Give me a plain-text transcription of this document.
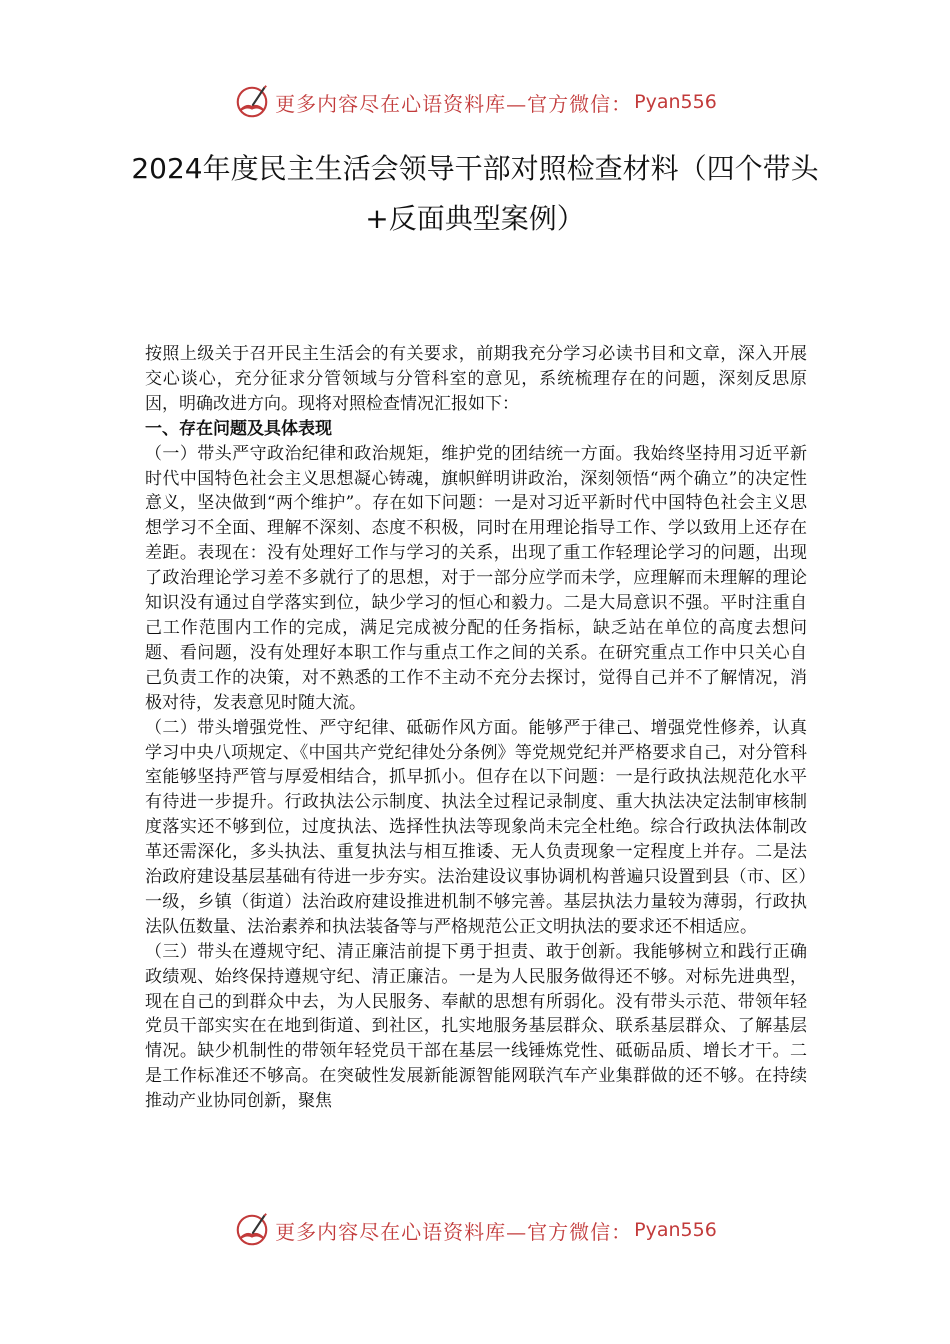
更多内容尽在心语资料库—官方微信： Pyan556
2024年度民主生活会领导干部对照检查材料（四个带头+反面典型案例）

按照上级关于召开民主生活会的有关要求，前期我充分学习必读书目和文章，深入开展交心谈心，充分征求分管领域与分管科室的意见，系统梳理存在的问题，深刻反思原因，明确改进方向。现将对照检查情况汇报如下：

一、存在问题及具体表现

（一）带头严守政治纪律和政治规矩，维护党的团结统一方面。我始终坚持用习近平新时代中国特色社会主义思想凝心铸魂，旗帜鲜明讲政治，深刻领悟“两个确立”的决定性意义，坚决做到“两个维护”。存在如下问题：一是对习近平新时代中国特色社会主义思想学习不全面、理解不深刻、态度不积极，同时在用理论指导工作、学以致用上还存在差距。表现在：没有处理好工作与学习的关系，出现了重工作轻理论学习的问题，出现了政治理论学习差不多就行了的思想，对于一部分应学而未学，应理解而未理解的理论知识没有通过自学落实到位，缺少学习的恒心和毅力。二是大局意识不强。平时注重自己工作范围内工作的完成，满足完成被分配的任务指标，缺乏站在单位的高度去想问题、看问题，没有处理好本职工作与重点工作之间的关系。在研究重点工作中只关心自己负责工作的决策，对不熟悉的工作不主动不充分去探讨，觉得自己并不了解情况，消极对待，发表意见时随大流。

（二）带头增强党性、严守纪律、砥砺作风方面。能够严于律己、增强党性修养，认真学习中央八项规定、《中国共产党纪律处分条例》等党规党纪并严格要求自己，对分管科室能够坚持严管与厚爱相结合，抓早抓小。但存在以下问题：一是行政执法规范化水平有待进一步提升。行政执法公示制度、执法全过程记录制度、重大执法决定法制审核制度落实还不够到位，过度执法、选择性执法等现象尚未完全杜绝。综合行政执法体制改革还需深化，多头执法、重复执法与相互推诿、无人负责现象一定程度上并存。二是法治政府建设基层基础有待进一步夯实。法治建设议事协调机构普遍只设置到县（市、区）一级，乡镇（街道）法治政府建设推进机制不够完善。基层执法力量较为薄弱，行政执法队伍数量、法治素养和执法装备等与严格规范公正文明执法的要求还不相适应。

（三）带头在遵规守纪、清正廉洁前提下勇于担责、敢于创新。我能够树立和践行正确政绩观、始终保持遵规守纪、清正廉洁。一是为人民服务做得还不够。对标先进典型，现在自己的到群众中去，为人民服务、奉献的思想有所弱化。没有带头示范、带领年轻党员干部实实在在地到街道、到社区，扎实地服务基层群众、联系基层群众、了解基层情况。缺少机制性的带领年轻党员干部在基层一线锤炼党性、砥砺品质、增长才干。二是工作标准还不够高。在突破性发展新能源智能网联汽车产业集群做的还不够。在持续推动产业协同创新，聚焦

更多内容尽在心语资料库—官方微信： Pyan556
